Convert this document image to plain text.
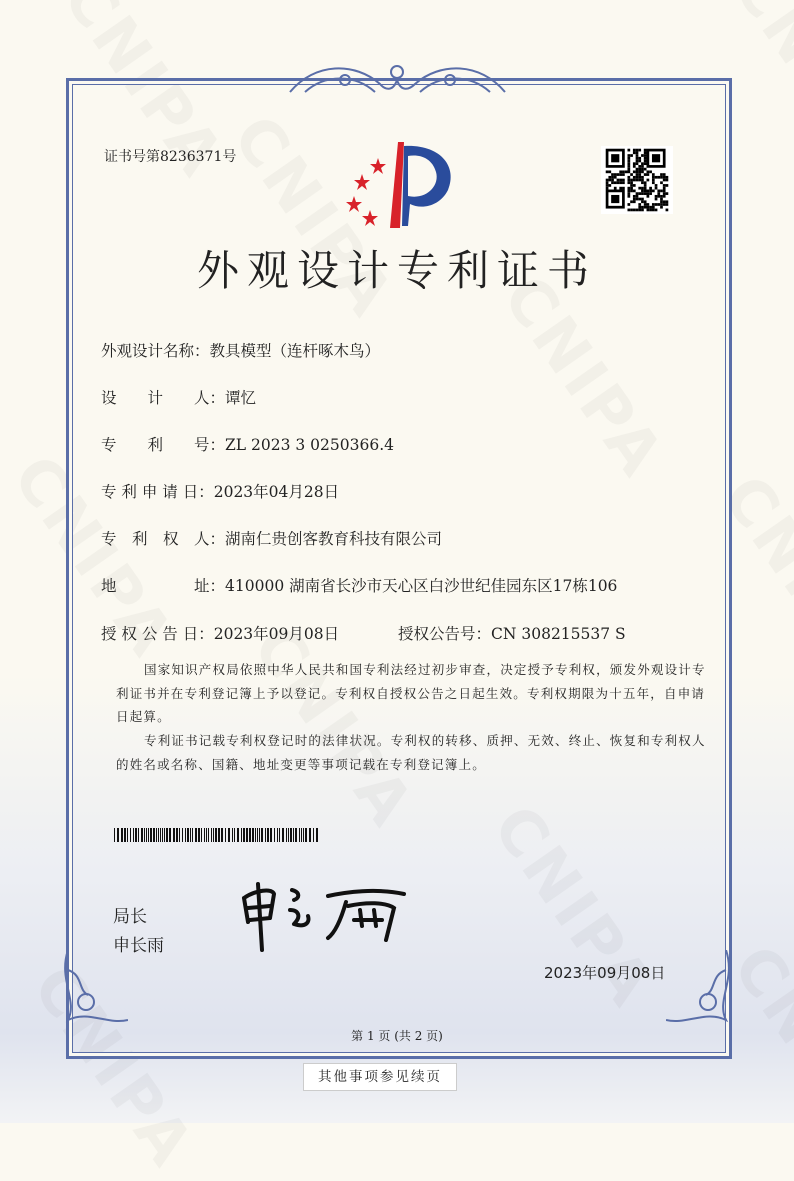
证书号第8236371号
外观设计专利证书
外观设计名称：教具模型（连杆啄木鸟）
设　　计　　人：谭忆
专　　利　　号：ZL 2023 3 0250366.4
专 利 申 请 日：2023年04月28日
专　利　权　人：湖南仁贵创客教育科技有限公司
地　　　　　址：410000 湖南省长沙市天心区白沙世纪佳园东区17栋106
授 权 公 告 日：2023年09月08日	授权公告号：CN 308215537 S
国家知识产权局依照中华人民共和国专利法经过初步审查，决定授予专利权，颁发外观设计专利证书并在专利登记簿上予以登记。专利权自授权公告之日起生效。专利权期限为十五年，自申请日起算。
专利证书记载专利权登记时的法律状况。专利权的转移、质押、无效、终止、恢复和专利权人的姓名或名称、国籍、地址变更等事项记载在专利登记簿上。
局长
申长雨
2023年09月08日
第 1 页 (共 2 页)
其他事项参见续页
